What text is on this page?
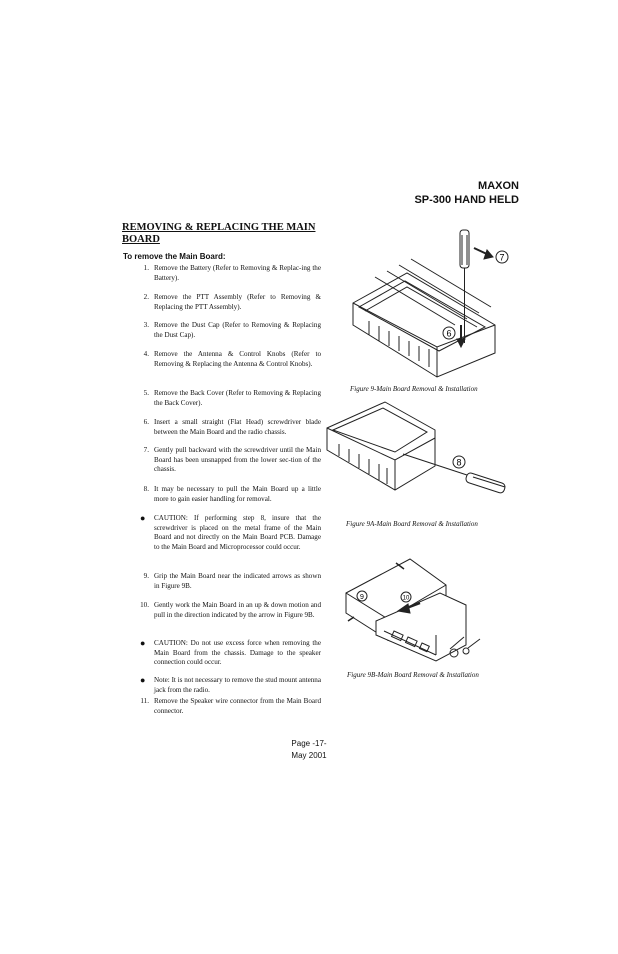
MAXON
SP-300 HAND HELD
REMOVING & REPLACING THE MAIN BOARD
To remove the Main Board:
1. Remove the Battery (Refer to Removing & Replac-ing the Battery).
2. Remove the PTT Assembly (Refer to Removing & Replacing the PTT Assembly).
3. Remove the Dust Cap (Refer to Removing & Replacing the Dust Cap).
4. Remove the Antenna & Control Knobs (Refer to Removing & Replacing the Antenna & Control Knobs).
5. Remove the Back Cover (Refer to Removing & Replacing the Back Cover).
6. Insert a small straight (Flat Head) screwdriver blade between the Main Board and the radio chassis.
7. Gently pull backward with the screwdriver until the Main Board has been unsnapped from the lower sec-tion of the chassis.
8. It may be necessary to pull the Main Board up a little more to gain easier handling for removal.
● CAUTION: If performing step 8, insure that the screwdriver is placed on the metal frame of the Main Board and not directly on the Main Board PCB. Damage to the Main Board and Microprocessor could occur.
9. Grip the Main Board near the indicated arrows as shown in Figure 9B.
10. Gently work the Main Board in an up & down motion and pull in the direction indicated by the arrow in Figure 9B.
● CAUTION: Do not use excess force when removing the Main Board from the chassis. Damage to the speaker connection could occur.
● Note: It is not necessary to remove the stud mount antenna jack from the radio.
11. Remove the Speaker wire connector from the Main Board connector.
7
6
Figure 9-Main Board Removal & Installation
8
Figure 9A-Main Board Removal & Installation
9	10
Figure 9B-Main Board Removal & Installation
Page -17-
May 2001
